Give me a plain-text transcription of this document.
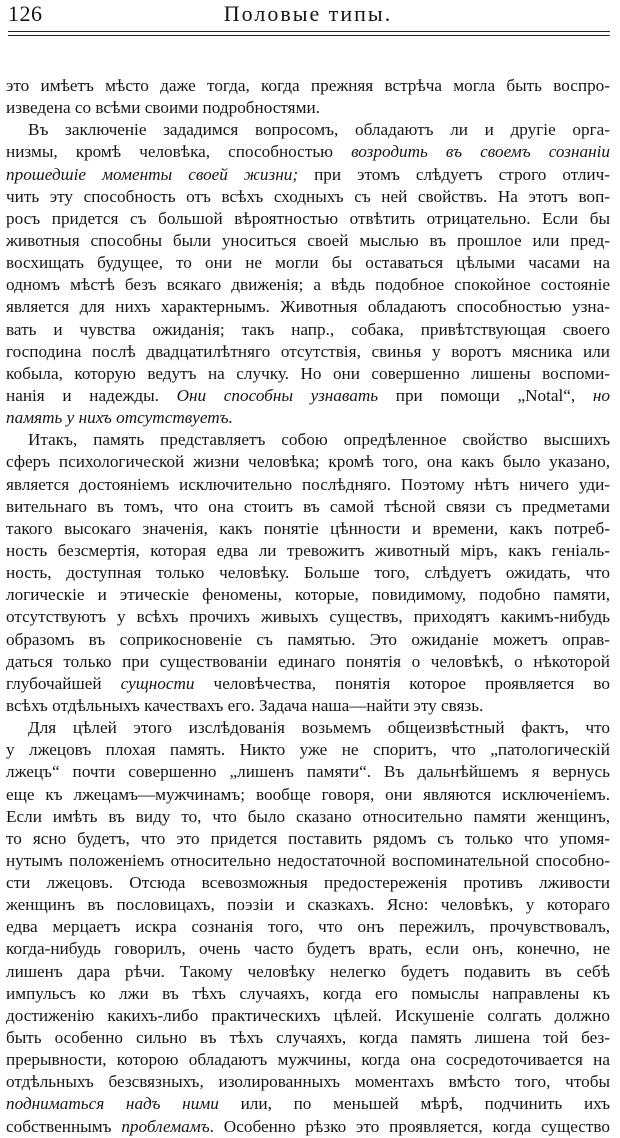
126	Половые типы.
это имѣетъ мѣсто даже тогда, когда прежняя встрѣча могла быть воспро-
изведена со всѣми своими подробностями.
Въ заключеніе зададимся вопросомъ, обладаютъ ли и другіе орга-
низмы, кромѣ человѣка, способностью возродить въ своемъ сознаніи
прошедшіе моменты своей жизни; при этомъ слѣдуетъ строго отлич-
чить эту способность отъ всѣхъ сходныхъ съ ней свойствъ. На этотъ воп-
росъ придется съ большой вѣроятностью отвѣтить отрицательно. Если бы
животныя способны были уноситься своей мыслью въ прошлое или пред-
восхищать будущее, то они не могли бы оставаться цѣлыми часами на
одномъ мѣстѣ безъ всякаго движенія; а вѣдь подобное спокойное состояніе
является для нихъ характернымъ. Животныя обладаютъ способностью узна-
вать и чувства ожиданія; такъ напр., собака, привѣтствующая своего
господина послѣ двадцатилѣтняго отсутствія, свинья у воротъ мясника или
кобыла, которую ведутъ на случку. Но они совершенно лишены воспоми-
нанія и надежды. Они способны узнавать при помощи „Notal“, но
память у нихъ отсутствуетъ.
Итакъ, память представляетъ собою опредѣленное свойство высшихъ
сферъ психологической жизни человѣка; кромѣ того, она какъ было указано,
является достояніемъ исключительно послѣдняго. Поэтому нѣтъ ничего уди-
вительнаго въ томъ, что она стоитъ въ самой тѣсной связи съ предметами
такого высокаго значенія, какъ понятіе цѣнности и времени, какъ потреб-
ность безсмертія, которая едва ли тревожитъ животный міръ, какъ геніаль-
ность, доступная только человѣку. Больше того, слѣдуетъ ожидать, что
логическіе и этическіе феномены, которые, повидимому, подобно памяти,
отсутствуютъ у всѣхъ прочихъ живыхъ существъ, приходятъ какимъ-нибудь
образомъ въ соприкосновеніе съ памятью. Это ожиданіе можетъ оправ-
даться только при существованіи единаго понятія о человѣкѣ, о нѣкоторой
глубочайшей сущности человѣчества, понятія которое проявляется во
всѣхъ отдѣльныхъ качествахъ его. Задача наша—найти эту связь.
Для цѣлей этого изслѣдованія возьмемъ общеизвѣстный фактъ, что
у лжецовъ плохая память. Никто уже не споритъ, что „патологическій
лжецъ“ почти совершенно „лишенъ памяти“. Въ дальнѣйшемъ я вернусь
еще къ лжецамъ—мужчинамъ; вообще говоря, они являются исключеніемъ.
Если имѣть въ виду то, что было сказано относительно памяти женщинъ,
то ясно будетъ, что это придется поставить рядомъ съ только что упомя-
нутымъ положеніемъ относительно недостаточной воспоминательной способно-
сти лжецовъ. Отсюда всевозможныя предостереженія противъ лживости
женщинъ въ пословицахъ, поэзіи и сказкахъ. Ясно: человѣкъ, у котораго
едва мерцаетъ искра сознанія того, что онъ пережилъ, прочувствовалъ,
когда-нибудь говорилъ, очень часто будетъ врать, если онъ, конечно, не
лишенъ дара рѣчи. Такому человѣку нелегко будетъ подавить въ себѣ
импульсъ ко лжи въ тѣхъ случаяхъ, когда его помыслы направлены къ
достиженію какихъ-либо практическихъ цѣлей. Искушеніе солгать должно
быть особенно сильно въ тѣхъ случаяхъ, когда память лишена той без-
прерывности, которою обладаютъ мужчины, когда она сосредоточивается на
отдѣльныхъ безсвязныхъ, изолированныхъ моментахъ вмѣсто того, чтобы
подниматься надъ ними или, по меньшей мѣрѣ, подчинить ихъ
собственнымъ проблемамъ. Особенно рѣзко это проявляется, когда существо
